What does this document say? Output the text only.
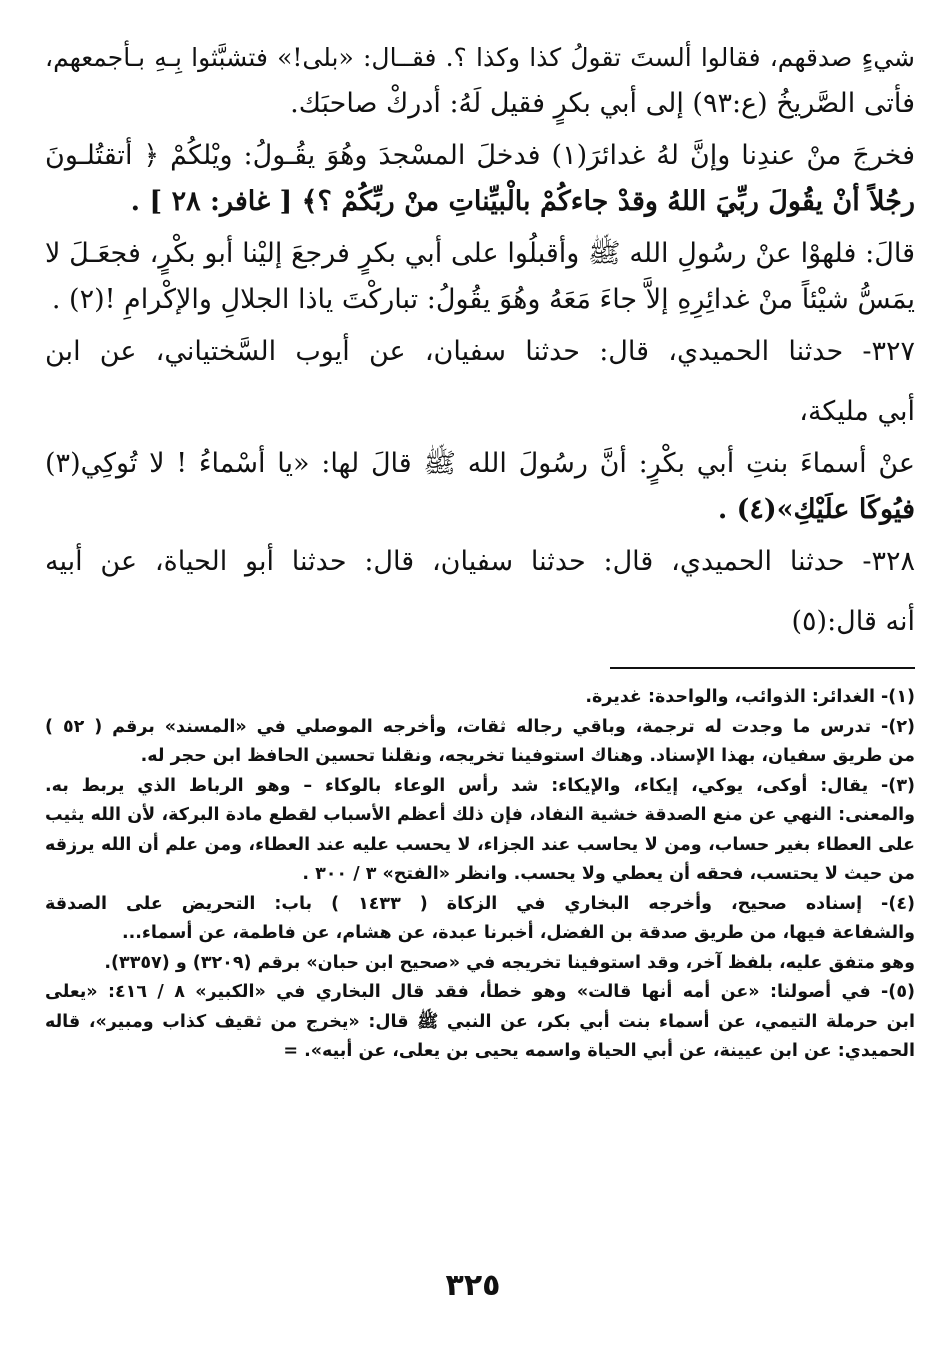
شيءٍ صدقهم، فقالوا ألستَ تقولُ كذا وكذا ؟. فقــال: «بلى!» فتشبَّثوا بِـهِ بـأجمعهم،
فأتى الصَّريخُ (ع:٩٣) إلى أبي بكرٍ فقيل لَهُ: أدركْ صاحبَك.
فخرجَ منْ عندِنا وإنَّ لهُ غدائرَ(١) فدخلَ المسْجدَ وهُوَ يقُـولُ: ويْلكُمْ ﴿ أتقتُلـونَ
رجُلاً أنْ يقُولَ ربِّيَ اللهُ وقدْ جاءكُمْ بالْبيِّناتِ منْ ربِّكُمْ ؟﴾ [ غافر: ٢٨ ] .
قالَ: فلهوْا عنْ رسُولِ الله ﷺ وأقبلُوا على أبي بكرٍ فرجعَ إليْنا أبو بكْرٍ، فجعَـلَ لا
يمَسُّ شيْئاً منْ غدائِرِهِ إلاَّ جاءَ مَعَهُ وهُوَ يقُولُ: تباركْتَ ياذا الجلالِ والإكْرامِ !(٢) .
٣٢٧- حدثنا الحميدي، قال: حدثنا سفيان، عن أيوب السَّختياني، عن ابن
أبي مليكة،
عنْ أسماءَ بنتِ أبي بكْرٍ: أنَّ رسُولَ الله ﷺ قالَ لها: «يا أسْماءُ ! لا تُوكِي(٣)
فيُوكَا علَيْكِ»(٤) .
٣٢٨- حدثنا الحميدي، قال: حدثنا سفيان، قال: حدثنا أبو الحياة، عن أبيه
أنه قال:(٥)
(١)- الغدائر: الذوائب، والواحدة: غديرة.
(٢)- تدرس ما وجدت له ترجمة، وباقي رجاله ثقات، وأخرجه الموصلي في «المسند» برقم ( ٥٢ )
من طريق سفيان، بهذا الإسناد. وهناك استوفينا تخريجه، ونقلنا تحسين الحافظ ابن حجر له.
(٣)- يقال: أوكى، يوكي، إيكاء، والإيكاء: شد رأس الوعاء بالوكاء – وهو الرباط الذي يربط به.
والمعنى: النهي عن منع الصدقة خشية النفاد، فإن ذلك أعظم الأسباب لقطع مادة البركة، لأن الله يثيب
على العطاء بغير حساب، ومن لا يحاسب عند الجزاء، لا يحسب عليه عند العطاء، ومن علم أن الله يرزقه
من حيث لا يحتسب، فحقه أن يعطي ولا يحسب. وانظر «الفتح» ٣ / ٣٠٠ .
(٤)- إسناده صحيح، وأخرجه البخاري في الزكاة ( ١٤٣٣ ) باب: التحريض على الصدقة
والشفاعة فيها، من طريق صدقة بن الفضل، أخبرنا عبدة، عن هشام، عن فاطمة، عن أسماء...
وهو متفق عليه، بلفظ آخر، وقد استوفينا تخريجه في «صحيح ابن حبان» برقم (٣٢٠٩) و (٣٣٥٧).
(٥)- في أصولنا: «عن أمه أنها قالت» وهو خطأ، فقد قال البخاري في «الكبير» ٨ / ٤١٦: «يعلى
ابن حرملة التيمي، عن أسماء بنت أبي بكر، عن النبي ﷺ قال: «يخرج من ثقيف كذاب ومبير»، قاله
الحميدي: عن ابن عيينة، عن أبي الحياة واسمه يحيى بن يعلى، عن أبيه». =
٣٢٥
